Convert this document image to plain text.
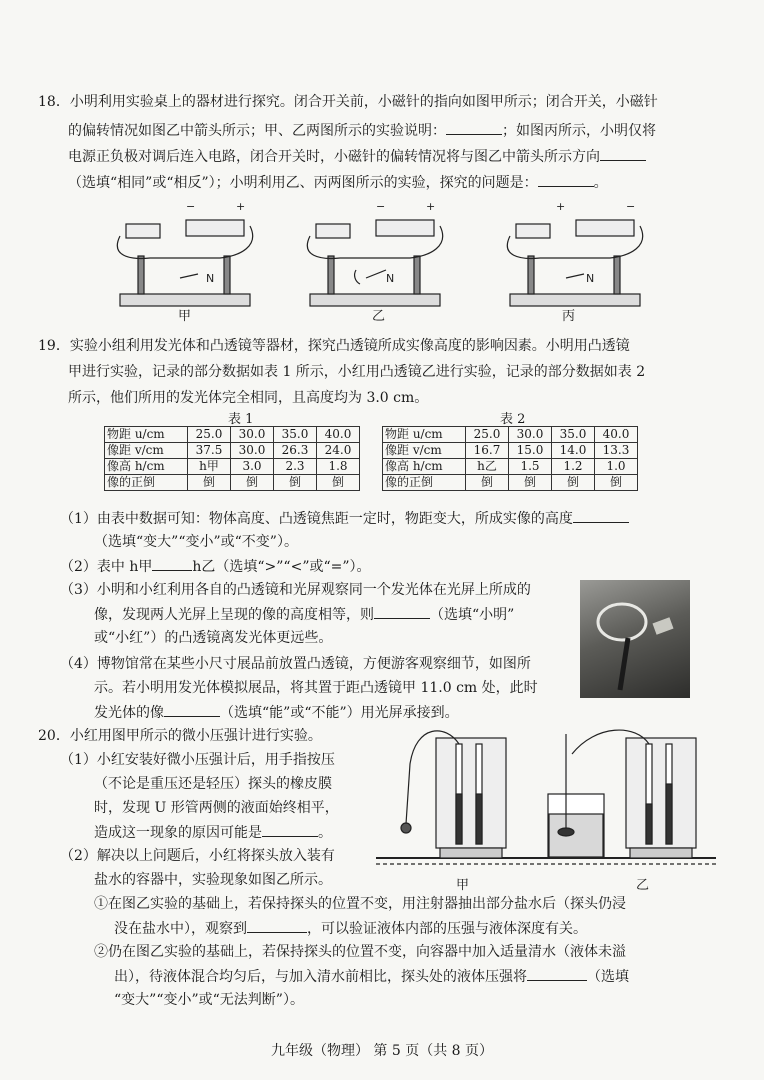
18．小明利用实验桌上的器材进行探究。闭合开关前，小磁针的指向如图甲所示；闭合开关，小磁针
的偏转情况如图乙中箭头所示；甲、乙两图所示的实验说明：	；如图丙所示，小明仅将
电源正负极对调后连入电路，闭合开关时，小磁针的偏转情况将与图乙中箭头所示方向
（选填“相同”或“相反”）；小明利用乙、丙两图所示的实验，探究的问题是：	。
−	+
N
−	+
N
+	−
N
甲	乙	丙
19．实验小组利用发光体和凸透镜等器材，探究凸透镜所成实像高度的影响因素。小明用凸透镜
甲进行实验，记录的部分数据如表 1 所示，小红用凸透镜乙进行实验，记录的部分数据如表 2
所示，他们所用的发光体完全相同，且高度均为 3.0 cm。
表 1	表 2
物距 u/cm	25.0	30.0	35.0	40.0
像距 v/cm	37.5	30.0	26.3	24.0
像高 h/cm	h甲	3.0	2.3	1.8
像的正倒	倒	倒	倒	倒
物距 u/cm	25.0	30.0	35.0	40.0
像距 v/cm	16.7	15.0	14.0	13.3
像高 h/cm	h乙	1.5	1.2	1.0
像的正倒	倒	倒	倒	倒
（1）由表中数据可知：物体高度、凸透镜焦距一定时，物距变大，所成实像的高度
（选填“变大”“变小”或“不变”）。
（2）表中 h甲	h乙（选填“>”“<”或“=”）。
（3）小明和小红利用各自的凸透镜和光屏观察同一个发光体在光屏上所成的
像，发现两人光屏上呈现的像的高度相等，则	（选填“小明”
或“小红”）的凸透镜离发光体更远些。
（4）博物馆常在某些小尺寸展品前放置凸透镜，方便游客观察细节，如图所
示。若小明用发光体模拟展品，将其置于距凸透镜甲 11.0 cm 处，此时
发光体的像	（选填“能”或“不能”）用光屏承接到。
20．小红用图甲所示的微小压强计进行实验。
（1）小红安装好微小压强计后，用手指按压
（不论是重压还是轻压）探头的橡皮膜
时，发现 U 形管两侧的液面始终相平，
造成这一现象的原因可能是	。
（2）解决以上问题后，小红将探头放入装有
盐水的容器中，实验现象如图乙所示。
①在图乙实验的基础上，若保持探头的位置不变，用注射器抽出部分盐水后（探头仍浸
没在盐水中），观察到	，可以验证液体内部的压强与液体深度有关。
②仍在图乙实验的基础上，若保持探头的位置不变，向容器中加入适量清水（液体未溢
出），待液体混合均匀后，与加入清水前相比，探头处的液体压强将	（选填
“变大”“变小”或“无法判断”）。
甲	乙
九年级（物理） 第 5 页（共 8 页）
